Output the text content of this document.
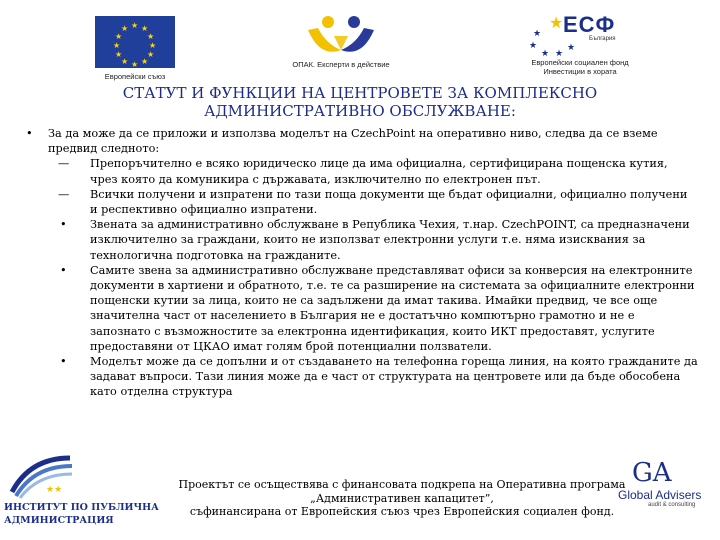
★ ★
★
★
★
★
★
★
★
★
★
★
Европейски съюз
ОПАК. Експерти в действие
★
★
★
★ ★
★
ЕСФ
България
Европейски социален фонд
Инвестиции в хората
СТАТУТ И ФУНКЦИИ НА ЦЕНТРОВЕТЕ ЗА КОМПЛЕКСНО
АДМИНИСТРАТИВНО ОБСЛУЖВАНЕ:
• За да може да се приложи и използва моделът на CzechPoint на оперативно ниво, следва да се вземе предвид следното:
— Препоръчително е всяко юридическо лице да има официална, сертифицирана пощенска кутия, чрез която да комуникира с държавата, изключително по електронен път.
— Всички получени и изпратени по тази поща документи ще бъдат официални, официално получени и респективно официално изпратени.
• Звената за административно обслужване в Република Чехия, т.нар. CzechPOINT, са предназначени изключително за граждани, които не използват електронни услуги т.е. няма изисквания за технологична подготовка на гражданите.
• Самите звена за административно обслужване представляват офиси за конверсия на електронните документи в хартиени и обратното, т.е. те са разширение на системата за официалните електронни пощенски кутии за лица, които не са задължени да имат такива. Имайки предвид, че все още значителна част от населението в България не е достатъчно компютърно грамотно и не е запознато с възможностите за електронна идентификация, които ИКТ предоставят, услугите предоставяни от ЦКАО имат голям брой потенциални ползватели.
• Моделът може да се допълни и от създаването на телефонна гореща линия, на която гражданите да задават въпроси. Тази линия може да е част от структурата на центровете или да бъде обособена като отделна структура
★★
ИНСТИТУТ ПО ПУБЛИЧНА
АДМИНИСТРАЦИЯ
Проектът се осъществява с финансовата подкрепа на Оперативна програма
„Административен капацитет”,
съфинансирана от Европейския съюз чрез Европейския социален фонд.
GA
Global Advisers
audit & consulting
